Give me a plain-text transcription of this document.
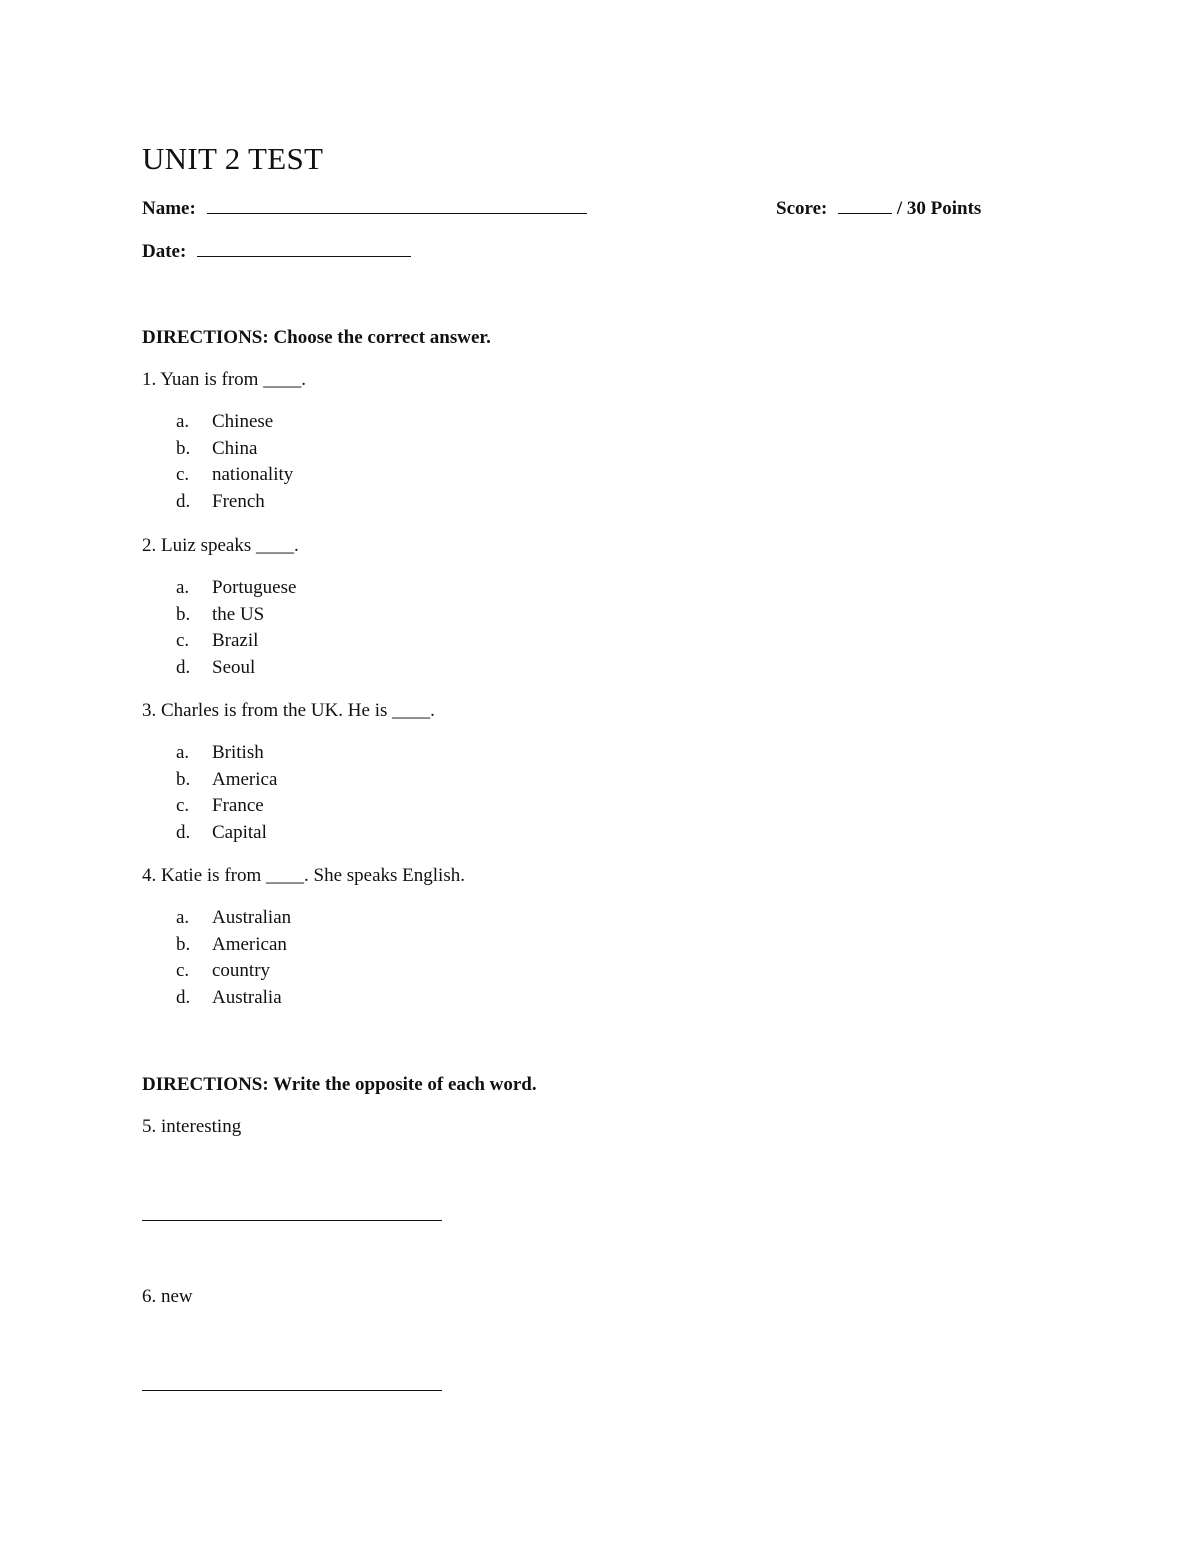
UNIT 2 TEST
Name:	Score:	/ 30 Points
Date:
DIRECTIONS: Choose the correct answer.
1. Yuan is from ____.
a. Chinese
b. China
c. nationality
d. French
2. Luiz speaks ____.
a. Portuguese
b. the US
c. Brazil
d. Seoul
3. Charles is from the UK. He is ____.
a. British
b. America
c. France
d. Capital
4. Katie is from ____. She speaks English.
a. Australian
b. American
c. country
d. Australia
DIRECTIONS: Write the opposite of each word.
5. interesting
6. new
